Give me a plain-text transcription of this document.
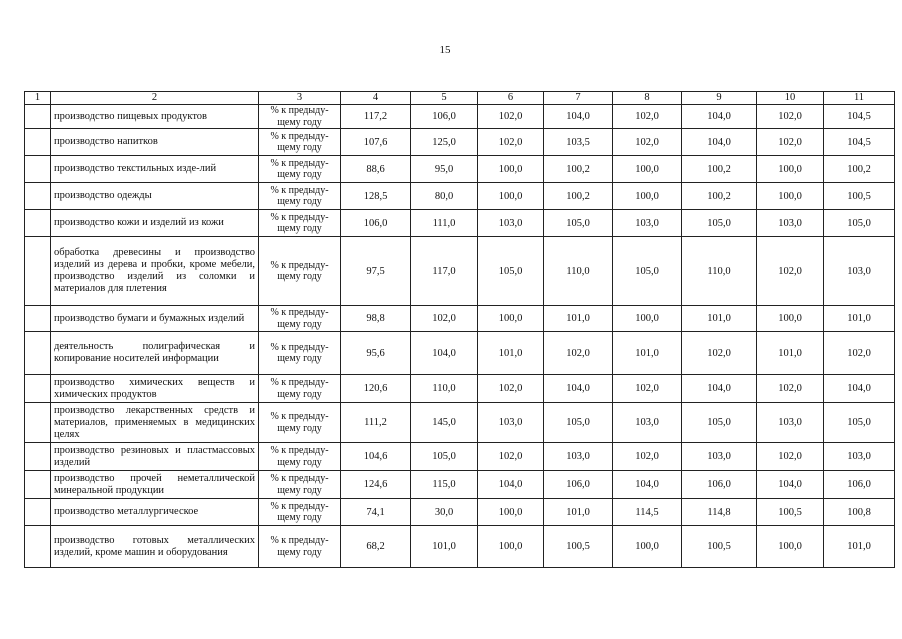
15
1	2	3	4	5	6	7	8	9	10	11

	производство пищевых продуктов	% к предыду-
щему году	117,2	106,0	102,0	104,0	102,0	104,0	102,0	104,5

	производство напитков	% к предыду-
щему году	107,6	125,0	102,0	103,5	102,0	104,0	102,0	104,5

	производство текстильных изде-лий	% к предыду-
щему году	88,6	95,0	100,0	100,2	100,0	100,2	100,0	100,2

	производство одежды	% к предыду-
щему году	128,5	80,0	100,0	100,2	100,0	100,2	100,0	100,5

	производство кожи и изделий из кожи	% к предыду-
щему году	106,0	111,0	103,0	105,0	103,0	105,0	103,0	105,0

	обработка древесины и производство изделий из дерева и пробки, кроме мебели, производство изделий из соломки и материалов для плетения	% к предыду-
щему году	97,5	117,0	105,0	110,0	105,0	110,0	102,0	103,0

	производство бумаги и бумажных изделий	% к предыду-
щему году	98,8	102,0	100,0	101,0	100,0	101,0	100,0	101,0

	деятельность полиграфическая и копирование носителей информации	% к предыду-
щему году	95,6	104,0	101,0	102,0	101,0	102,0	101,0	102,0

	производство химических веществ и химических продуктов	% к предыду-
щему году	120,6	110,0	102,0	104,0	102,0	104,0	102,0	104,0

	производство лекарственных средств и материалов, применяемых в медицинских целях	% к предыду-
щему году	111,2	145,0	103,0	105,0	103,0	105,0	103,0	105,0

	производство резиновых и пластмассовых изделий	% к предыду-
щему году	104,6	105,0	102,0	103,0	102,0	103,0	102,0	103,0

	производство прочей неметаллической минеральной продукции	% к предыду-
щему году	124,6	115,0	104,0	106,0	104,0	106,0	104,0	106,0

	производство металлургическое	% к предыду-
щему году	74,1	30,0	100,0	101,0	114,5	114,8	100,5	100,8

	производство готовых металлических изделий, кроме машин и оборудования	% к предыду-
щему году	68,2	101,0	100,0	100,5	100,0	100,5	100,0	101,0
